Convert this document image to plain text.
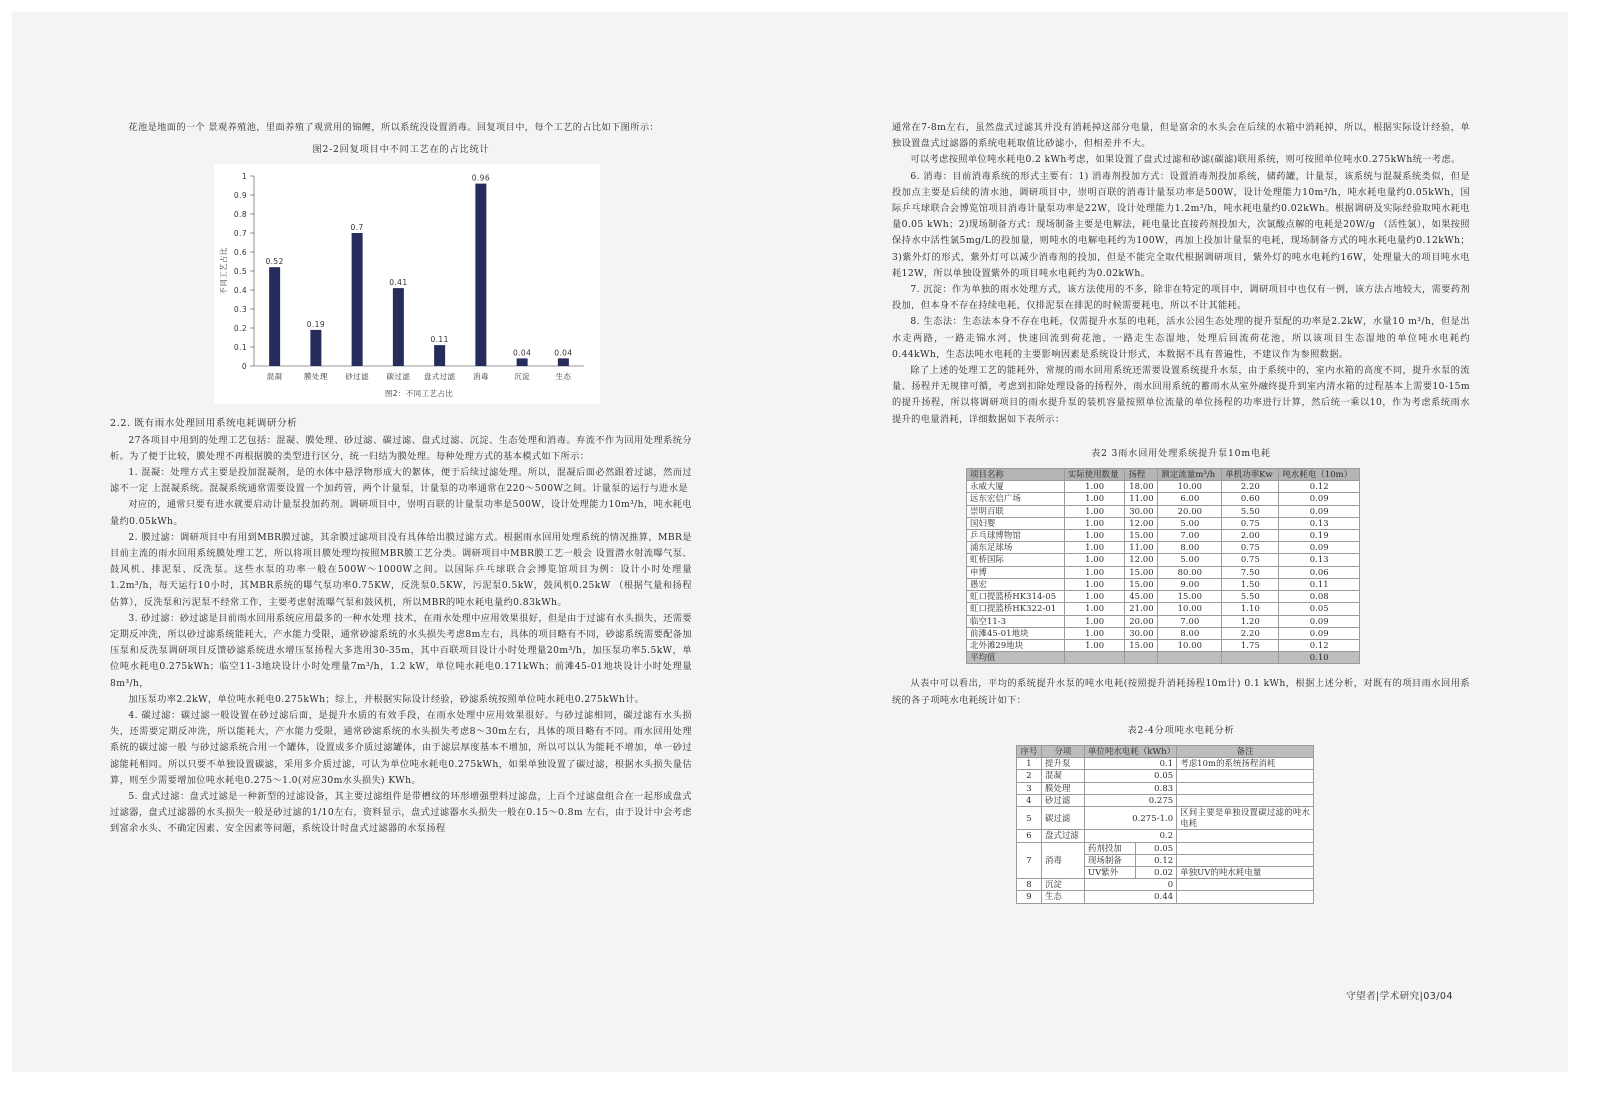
花池是地面的一个 景观养殖池，里面养殖了观赏用的锦鲤，所以系统没设置消毒。回复项目中，每个工艺的占比如下图所示：

图2-2回复项目中不同工艺在的占比统计
0
0.1
0.2
0.3
0.4
0.5
0.6
0.7
0.8
0.9
1
0.52
混凝
0.19
膜处理
0.7
砂过滤
0.41
碳过滤
0.11
盘式过滤
0.96
消毒
0.04
沉淀
0.04
生态
不同工艺占比
图2：不同工艺占比
2.2. 既有雨水处理回用系统电耗调研分析

27各项目中用到的处理工艺包括：混凝、膜处理、砂过滤、碳过滤、盘式过滤、沉淀、生态处理和消毒。弃流不作为回用处理系统分析。为了便于比较，膜处理不再根据膜的类型进行区分，统一归结为膜处理。每种处理方式的基本模式如下所示：

1. 混凝：处理方式主要是投加混凝剂，是的水体中悬浮物形成大的絮体，便于后续过滤处理。所以，混凝后面必然跟着过滤，然而过滤不一定 上混凝系统。混凝系统通常需要设置一个加药管，两个计量泵，计量泵的功率通常在220～500W之间。计量泵的运行与进水是

对应的，通常只要有进水就要启动计量泵投加药剂。调研项目中，崇明百联的计量泵功率是500W，设计处理能力10m³/h，吨水耗电量约0.05kWh。

2. 膜过滤：调研项目中有用到MBR膜过滤，其余膜过滤项目没有具体给出膜过滤方式。根据雨水回用处理系统的情况推算，MBR是目前主流的雨水回用系统膜处理工艺，所以将项目膜处理均按照MBR膜工艺分类。调研项目中MBR膜工艺一般会 设置潜水射流曝气泵、鼓风机、排泥泵、反洗泵。这些水泵的功率一般在500W～1000W之间。以国际乒乓球联合会博览馆项目为例：设计小时处理量1.2m³/h，每天运行10小时，其MBR系统的曝气泵功率0.75KW，反洗泵0.5KW，污泥泵0.5kW，鼓风机0.25kW （根据气量和扬程估算），反洗泵和污泥泵不经常工作，主要考虑射流曝气泵和鼓风机，所以MBR的吨水耗电量约0.83kWh。

3. 砂过滤：砂过滤是目前雨水回用系统应用最多的一种水处理 技术，在雨水处理中应用效果很好，但是由于过滤有水头损失，还需要定期反冲洗，所以砂过滤系统能耗大，产水能力受限，通常砂滤系统的水头损失考虑8m左右，具体的项目略有不同，砂滤系统需要配备加压泵和反洗泵调研项目反馈砂滤系统进水增压泵扬程大多选用30-35m，其中百联项目设计小时处理量20m³/h，加压泵功率5.5kW，单位吨水耗电0.275kWh；临空11-3地块设计小时处理量7m³/h，1.2 kW，单位吨水耗电0.171kWh；前滩45-01地块设计小时处理量8m³/h，

加压泵功率2.2kW，单位吨水耗电0.275kWh；综上，并根据实际设计经验，砂滤系统按照单位吨水耗电0.275kWh计。

4. 碳过滤：碳过滤一般设置在砂过滤后面，是提升水质的有效手段，在雨水处理中应用效果很好。与砂过滤相同，碳过滤有水头损失，还需要定期反冲洗，所以能耗大，产水能力受限，通常砂滤系统的水头损失考虑8～30m左右，具体的项目略有不同。雨水回用处理系统的碳过滤一般 与砂过滤系统合用一个罐体，设置成多介质过滤罐体，由于滤层厚度基本不增加，所以可以认为能耗不增加，单一砂过滤能耗相同。所以只要不单独设置碳滤，采用多介质过滤，可认为单位吨水耗电0.275kWh，如果单独设置了碳过滤，根据水头损失量估算，则至少需要增加位吨水耗电0.275～1.0(对应30m水头损失) KWh。

5. 盘式过滤：盘式过滤是一种新型的过滤设备，其主要过滤组件是带槽纹的环形增强塑料过滤盘，上百个过滤盘组合在一起形成盘式过滤器，盘式过滤器的水头损失一般是砂过滤的1/10左右，资料显示，盘式过滤器水头损失一般在0.15～0.8m 左右，由于设计中会考虑到富余水头、不确定因素、安全因素等问题，系统设计时盘式过滤器的水泵扬程

通常在7-8m左右，虽然盘式过滤其并没有消耗掉这部分电量，但是富余的水头会在后续的水箱中消耗掉，所以，根据实际设计经验，单独设置盘式过滤器的系统电耗取值比砂滤小，但相差并不大。

可以考虑按照单位吨水耗电0.2 kWh考虑，如果设置了盘式过滤和砂滤(碳滤)联用系统，则可按照单位吨水0.275kWh统一考虑。

6. 消毒：目前消毒系统的形式主要有：1) 消毒剂投加方式：设置消毒剂投加系统，储药罐，计量泵，该系统与混凝系统类似，但是投加点主要是后续的清水池，调研项目中，崇明百联的消毒计量泵功率是500W，设计处理能力10m³/h，吨水耗电量约0.05kWh，国际乒乓球联合会博览馆项目消毒计量泵功率是22W，设计处理能力1.2m³/h，吨水耗电量约0.02kWh。根据调研及实际经验取吨水耗电量0.05 kWh；2)现场制备方式：现场制备主要是电解法，耗电量比直接药剂投加大，次氯酸点解的电耗是20W/g （活性氯），如果按照保持水中活性氯5mg/L的投加量，则吨水的电解电耗约为100W，再加上投加计量泵的电耗，现场制备方式的吨水耗电量约0.12kWh； 3)紫外灯的形式，紫外灯可以减少消毒剂的投加，但是不能完全取代根据调研项目，紫外灯的吨水电耗约16W，处理量大的项目吨水电耗12W，所以单独设置紫外的项目吨水电耗约为0.02kWh。

7. 沉淀：作为单独的雨水处理方式，该方法使用的不多，除非在特定的项目中，调研项目中也仅有一例，该方法占地较大，需要药剂投加，但本身不存在持续电耗，仅排泥泵在排泥的时候需要耗电，所以不计其能耗。

8. 生态法：生态法本身不存在电耗，仅需提升水泵的电耗，活水公园生态处理的提升泵配的功率是2.2kW，水量10 m³/h，但是出水走两路，一路走锦水河，快速回流到荷花池，一路走生态湿地，处理后回流荷花池，所以该项目生态湿地的单位吨水电耗约0.44kWh，生态法吨水电耗的主要影响因素是系统设计形式，本数据不具有普遍性，不建议作为参照数据。

除了上述的处理工艺的能耗外，常规的雨水回用系统还需要设置系统提升水泵，由于系统中的，室内水箱的高度不同，提升水泵的流量、扬程并无规律可循，考虑到扣除处理设备的扬程外，雨水回用系统的蓄雨水从室外融终提升到室内清水箱的过程基本上需要10-15m的提升扬程，所以将调研项目的雨水提升泵的装机容量按照单位流量的单位扬程的功率进行计算，然后统一乘以10，作为考虑系统雨水提升的电量消耗，详细数据如下表所示：

表2 3雨水回用处理系统提升泵10m电耗
项目名称	实际使用数量	扬程	额定流量m³/h	单机功率Kw	吨水耗电（10m）
永威大厦	1.00	18.00	10.00	2.20	0.12
远东宏信广场	1.00	11.00	6.00	0.60	0.09
崇明百联	1.00	30.00	20.00	5.50	0.09
国妇婴	1.00	12.00	5.00	0.75	0.13
乒乓球博物馆	1.00	15.00	7.00	2.00	0.19
浦东足球场	1.00	11.00	8.00	0.75	0.09
虹桥国际	1.00	12.00	5.00	0.75	0.13
申博	1.00	15.00	80.00	7.50	0.06
愚宏	1.00	15.00	9.00	1.50	0.11
虹口提篮桥HK314-05	1.00	45.00	15.00	5.50	0.08
虹口提篮桥HK322-01	1.00	21.00	10.00	1.10	0.05
临空11-3	1.00	20.00	7.00	1.20	0.09
前滩45-01地块	1.00	30.00	8.00	2.20	0.09
北外滩29地块	1.00	15.00	10.00	1.75	0.12
平均值					0.10

从表中可以看出，平均的系统提升水泵的吨水电耗(按照提升消耗扬程10m计) 0.1 kWh，根据上述分析，对既有的项目雨水回用系统的各子项吨水电耗统计如下：

表2-4分项吨水电耗分析
序号	分项	单位吨水电耗（kWh）		备注
1	提升泵	0.1		考虑10m的系统扬程消耗
2	混凝	0.05		
3	膜处理	0.83		
4	砂过滤	0.275		
5	碳过滤	0.275-1.0		区间主要是单独设置碳过滤的吨水电耗
6	盘式过滤	0.2		
7	消毒	药剂投加	0.05	
		现场制备	0.12	
		UV紫外	0.02	单独UV的吨水耗电量
8	沉淀	0		
9	生态	0.44		
守望者|学术研究|03/04
